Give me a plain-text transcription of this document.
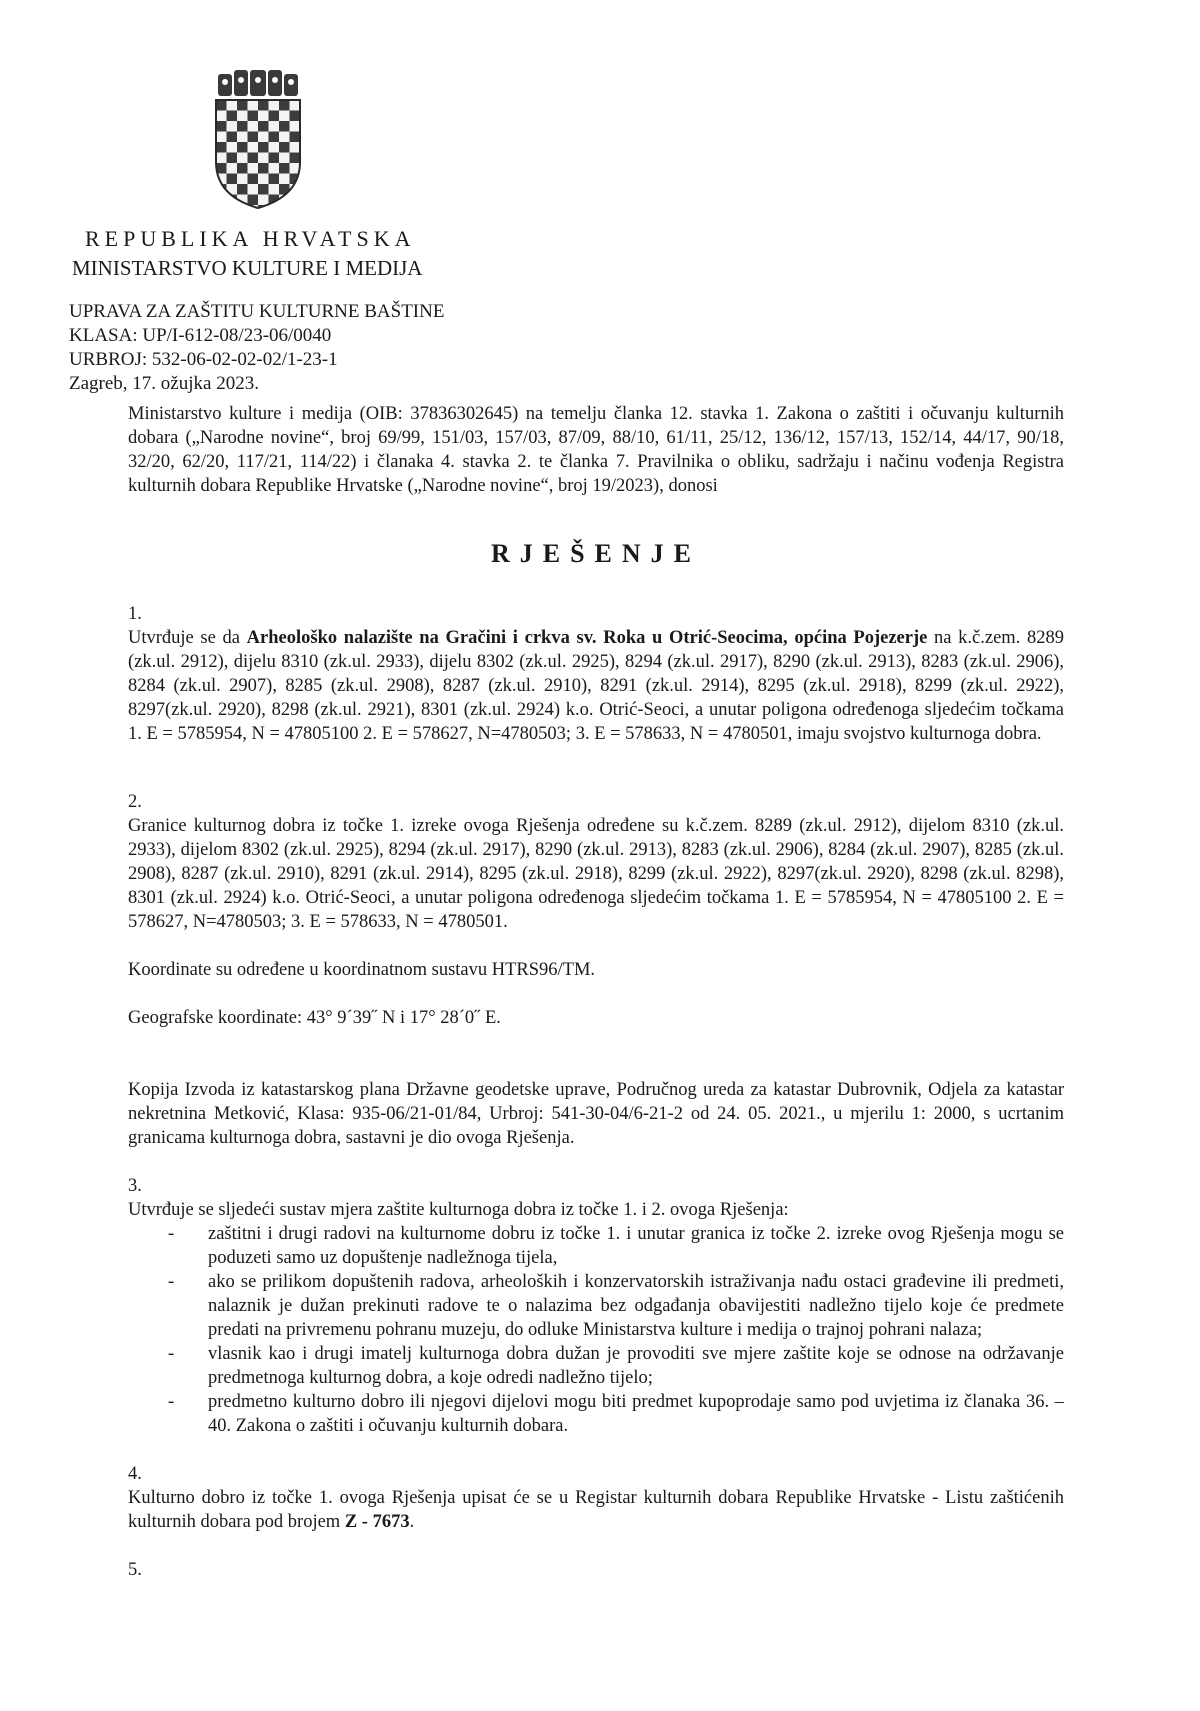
REPUBLIKA HRVATSKA
MINISTARSTVO KULTURE I MEDIJA
UPRAVA ZA ZAŠTITU KULTURNE BAŠTINE
KLASA: UP/I-612-08/23-06/0040
URBROJ: 532-06-02-02-02/1-23-1
Zagreb, 17. ožujka 2023.

Ministarstvo kulture i medija (OIB: 37836302645) na temelju članka 12. stavka 1. Zakona o zaštiti i očuvanju kulturnih dobara („Narodne novine“, broj 69/99, 151/03, 157/03, 87/09, 88/10, 61/11, 25/12, 136/12, 157/13, 152/14, 44/17, 90/18, 32/20, 62/20, 117/21, 114/22) i članaka 4. stavka 2. te članka 7. Pravilnika o obliku, sadržaju i načinu vođenja Registra kulturnih dobara Republike Hrvatske („Narodne novine“, broj 19/2023), donosi

RJEŠENJE

1.

Utvrđuje se da Arheološko nalazište na Gračini i crkva sv. Roka u Otrić-Seocima, općina Pojezerje na k.č.zem. 8289 (zk.ul. 2912), dijelu 8310 (zk.ul. 2933), dijelu 8302 (zk.ul. 2925), 8294 (zk.ul. 2917), 8290 (zk.ul. 2913), 8283 (zk.ul. 2906), 8284 (zk.ul. 2907), 8285 (zk.ul. 2908), 8287 (zk.ul. 2910), 8291 (zk.ul. 2914), 8295 (zk.ul. 2918), 8299 (zk.ul. 2922), 8297(zk.ul. 2920), 8298 (zk.ul. 2921), 8301 (zk.ul. 2924) k.o. Otrić-Seoci, a unutar poligona određenoga sljedećim točkama 1. E = 5785954, N = 47805100 2. E = 578627, N=4780503; 3. E = 578633, N = 4780501, imaju svojstvo kulturnoga dobra.

2.

Granice kulturnog dobra iz točke 1. izreke ovoga Rješenja određene su k.č.zem. 8289 (zk.ul. 2912), dijelom 8310 (zk.ul. 2933), dijelom 8302 (zk.ul. 2925), 8294 (zk.ul. 2917), 8290 (zk.ul. 2913), 8283 (zk.ul. 2906), 8284 (zk.ul. 2907), 8285 (zk.ul. 2908), 8287 (zk.ul. 2910), 8291 (zk.ul. 2914), 8295 (zk.ul. 2918), 8299 (zk.ul. 2922), 8297(zk.ul. 2920), 8298 (zk.ul. 8298), 8301 (zk.ul. 2924) k.o. Otrić-Seoci, a unutar poligona određenoga sljedećim točkama 1. E = 5785954, N = 47805100 2. E = 578627, N=4780503; 3. E = 578633, N = 4780501.

Koordinate su određene u koordinatnom sustavu HTRS96/TM.

Geografske koordinate: 43° 9´39˝ N i 17° 28´0˝ E.

Kopija Izvoda iz katastarskog plana Državne geodetske uprave, Područnog ureda za katastar Dubrovnik, Odjela za katastar nekretnina Metković, Klasa: 935-06/21-01/84, Urbroj: 541-30-04/6-21-2 od 24. 05. 2021., u mjerilu 1: 2000, s ucrtanim granicama kulturnoga dobra, sastavni je dio ovoga Rješenja.

3.

Utvrđuje se sljedeći sustav mjera zaštite kulturnoga dobra iz točke 1. i 2. ovoga Rješenja:

- zaštitni i drugi radovi na kulturnome dobru iz točke 1. i unutar granica iz točke 2. izreke ovog Rješenja mogu se poduzeti samo uz dopuštenje nadležnoga tijela,
- ako se prilikom dopuštenih radova, arheoloških i konzervatorskih istraživanja nađu ostaci građevine ili predmeti, nalaznik je dužan prekinuti radove te o nalazima bez odgađanja obavijestiti nadležno tijelo koje će predmete predati na privremenu pohranu muzeju, do odluke Ministarstva kulture i medija o trajnoj pohrani nalaza;
- vlasnik kao i drugi imatelj kulturnoga dobra dužan je provoditi sve mjere zaštite koje se odnose na održavanje predmetnoga kulturnog dobra, a koje odredi nadležno tijelo;
- predmetno kulturno dobro ili njegovi dijelovi mogu biti predmet kupoprodaje samo pod uvjetima iz članaka 36. – 40. Zakona o zaštiti i očuvanju kulturnih dobara.

4.

Kulturno dobro iz točke 1. ovoga Rješenja upisat će se u Registar kulturnih dobara Republike Hrvatske - Listu zaštićenih kulturnih dobara pod brojem Z - 7673.

5.
